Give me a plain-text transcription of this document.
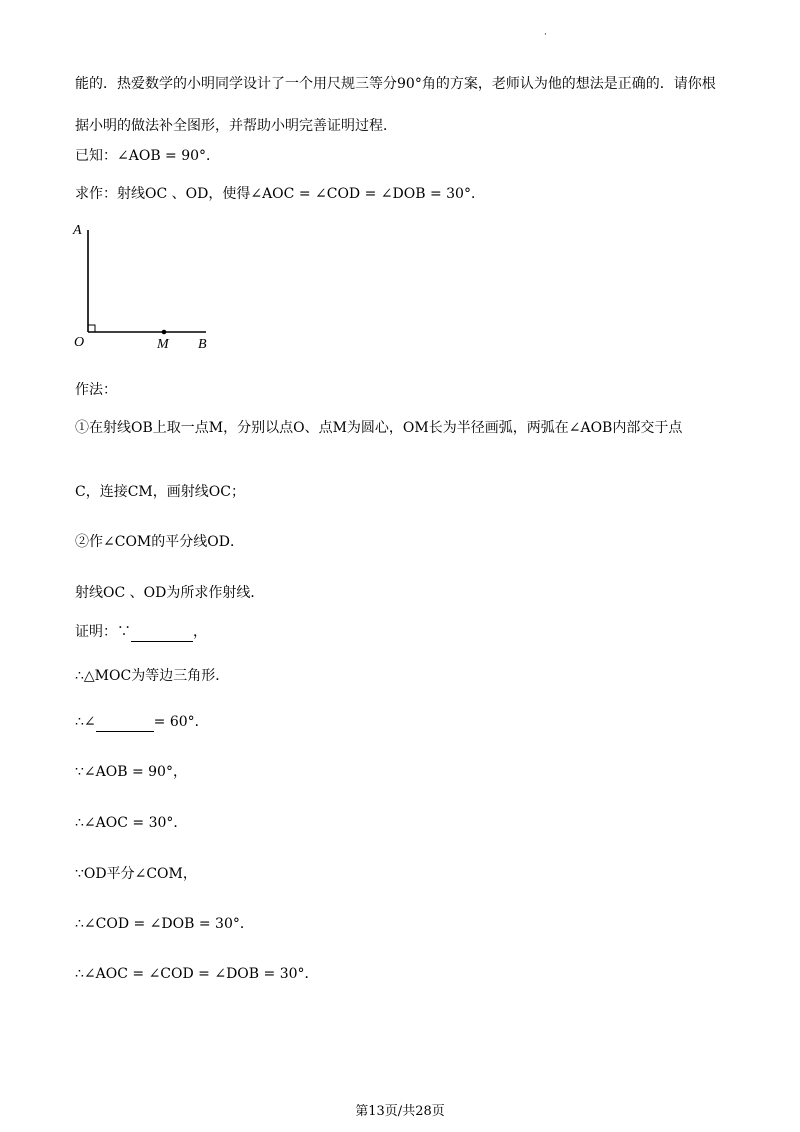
·
能的．热爱数学的小明同学设计了一个用尺规三等分90°角的方案，老师认为他的想法是正确的．请你根
据小明的做法补全图形，并帮助小明完善证明过程．
已知：∠AOB = 90°．
求作：射线OC 、OD，使得∠AOC = ∠COD = ∠DOB = 30°．
A
O	M B
作法：
①在射线OB上取一点M，分别以点O、点M为圆心，OM长为半径画弧，两弧在∠AOB内部交于点
C，连接CM，画射线OC；
②作∠COM的平分线OD．
射线OC 、OD为所求作射线．
证明：∵	，
∴△MOC为等边三角形．
∴∠	= 60°．
∵∠AOB = 90°，
∴∠AOC = 30°．
∵OD平分∠COM，
∴∠COD = ∠DOB = 30°．
∴∠AOC = ∠COD = ∠DOB = 30°．
第13页/共28页
